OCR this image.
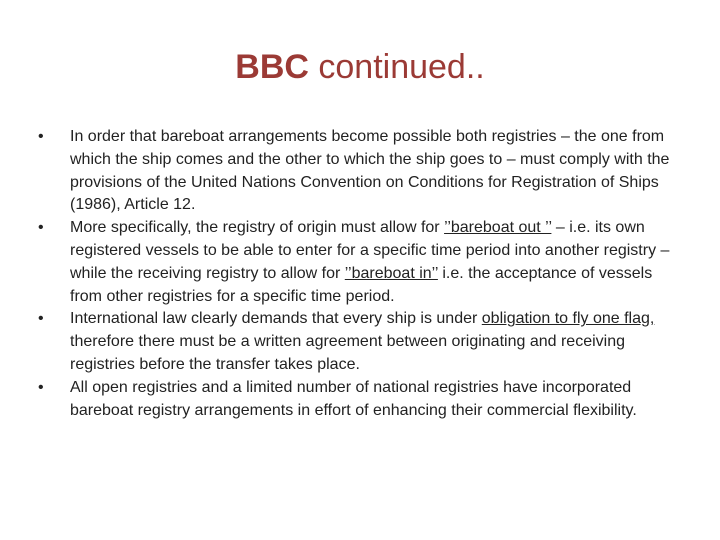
BBC continued..
•	In order that bareboat arrangements become possible both registries – the one from which the ship comes and the other to which the ship goes to – must comply with the provisions of the United Nations Convention on Conditions for Registration of Ships (1986), Article 12.
•	More specifically, the registry of origin must allow for ’’bareboat out ’’ – i.e. its own registered vessels to be able to enter for a specific time period into another registry – while the receiving registry to allow for ’’bareboat in’’ i.e. the acceptance of vessels from other registries for a specific time period.
•	International law clearly demands that every ship is under obligation to fly one flag, therefore there must be a written agreement between originating and receiving registries before the transfer takes place.
•	All open registries and a limited number of national registries have incorporated bareboat registry arrangements in effort of enhancing their commercial flexibility.
